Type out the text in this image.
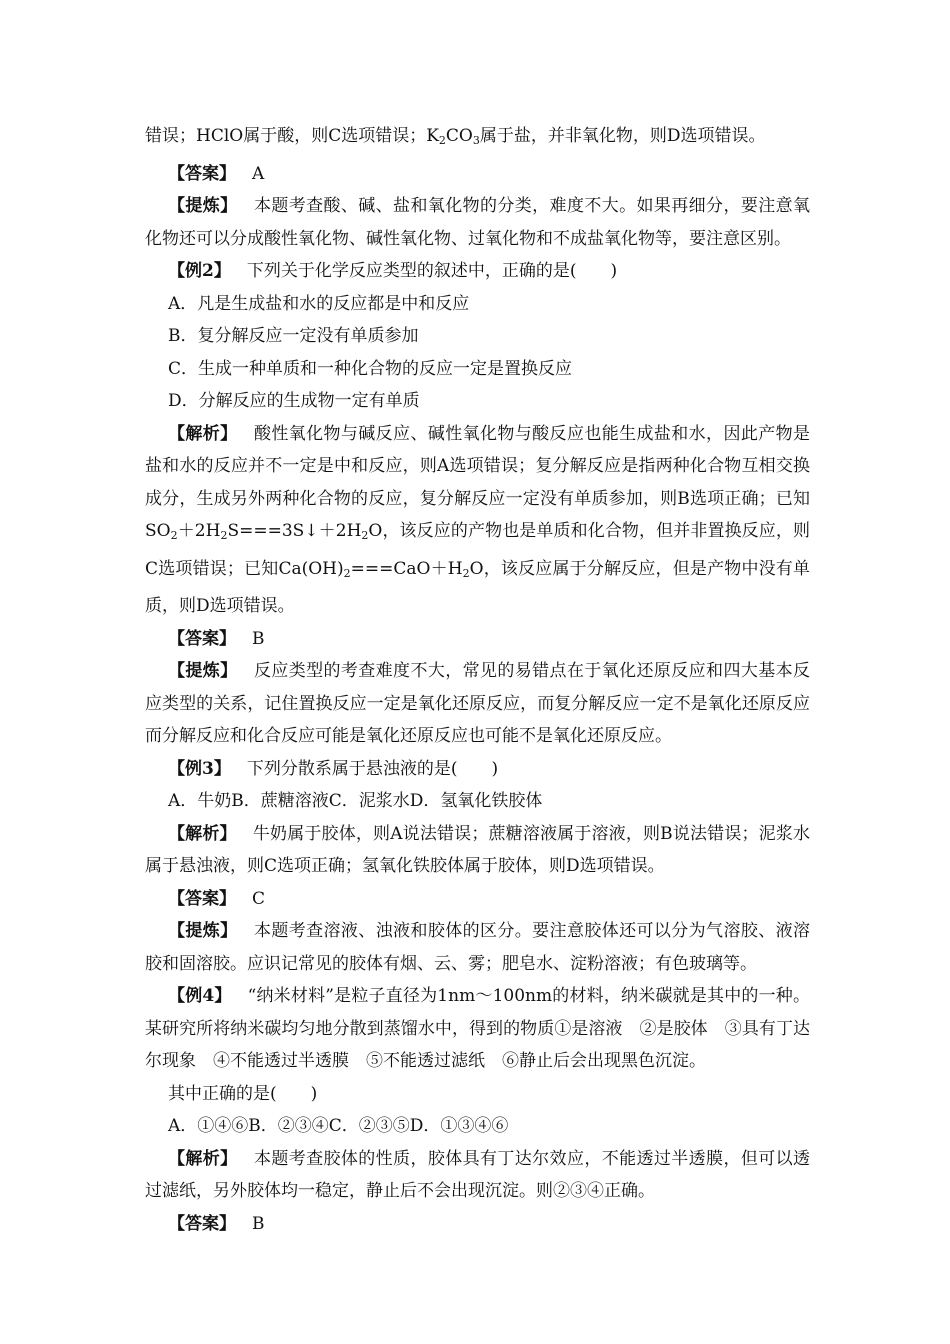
错误；HClO属于酸，则C选项错误；$K_2CO_3$属于盐，并非氧化物，则D选项错误。

【答案】 A

【提炼】 本题考查酸、碱、盐和氧化物的分类，难度不大。如果再细分，要注意氧化物还可以分成酸性氧化物、碱性氧化物、过氧化物和不成盐氧化物等，要注意区别。

【例2】 下列关于化学反应类型的叙述中，正确的是(　　)

A．凡是生成盐和水的反应都是中和反应

B．复分解反应一定没有单质参加

C．生成一种单质和一种化合物的反应一定是置换反应

D．分解反应的生成物一定有单质

【解析】 酸性氧化物与碱反应、碱性氧化物与酸反应也能生成盐和水，因此产物是盐和水的反应并不一定是中和反应，则A选项错误；复分解反应是指两种化合物互相交换成分，生成另外两种化合物的反应，复分解反应一定没有单质参加，则B选项正确；已知$SO_2+2H_2S===3S↓+2H_2O$，该反应的产物也是单质和化合物，但并非置换反应，则C选项错误；已知$Ca(OH)_2===CaO+H_2O$，该反应属于分解反应，但是产物中没有单质，则D选项错误。

【答案】 B

【提炼】 反应类型的考查难度不大，常见的易错点在于氧化还原反应和四大基本反应类型的关系，记住置换反应一定是氧化还原反应，而复分解反应一定不是氧化还原反应而分解反应和化合反应可能是氧化还原反应也可能不是氧化还原反应。

【例3】 下列分散系属于悬浊液的是(　　)

A．牛奶B．蔗糖溶液C．泥浆水D．氢氧化铁胶体

【解析】 牛奶属于胶体，则A说法错误；蔗糖溶液属于溶液，则B说法错误；泥浆水属于悬浊液，则C选项正确；氢氧化铁胶体属于胶体，则D选项错误。

【答案】 C

【提炼】 本题考查溶液、浊液和胶体的区分。要注意胶体还可以分为气溶胶、液溶胶和固溶胶。应识记常见的胶体有烟、云、雾；肥皂水、淀粉溶液；有色玻璃等。

【例4】 “纳米材料”是粒子直径为1nm～100nm的材料，纳米碳就是其中的一种。某研究所将纳米碳均匀地分散到蒸馏水中，得到的物质①是溶液　②是胶体　③具有丁达尔现象　④不能透过半透膜　⑤不能透过滤纸　⑥静止后会出现黑色沉淀。

其中正确的是(　　)

A．①④⑥B．②③④C．②③⑤D．①③④⑥

【解析】 本题考查胶体的性质，胶体具有丁达尔效应，不能透过半透膜，但可以透过滤纸，另外胶体均一稳定，静止后不会出现沉淀。则②③④正确。

【答案】 B
